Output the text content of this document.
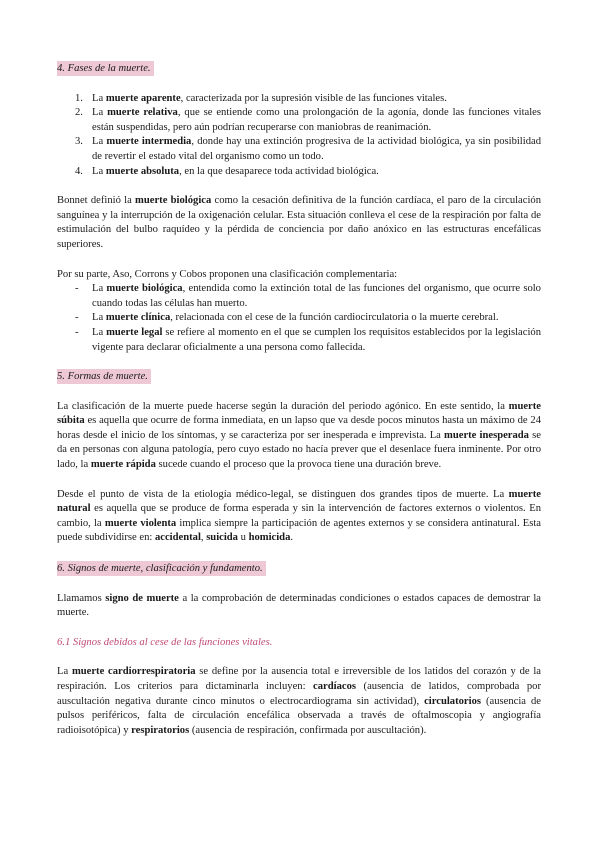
4. Fases de la muerte.
1. La muerte aparente, caracterizada por la supresión visible de las funciones vitales.
2. La muerte relativa, que se entiende como una prolongación de la agonía, donde las funciones vitales están suspendidas, pero aún podrían recuperarse con maniobras de reanimación.
3. La muerte intermedia, donde hay una extinción progresiva de la actividad biológica, ya sin posibilidad de revertir el estado vital del organismo como un todo.
4. La muerte absoluta, en la que desaparece toda actividad biológica.

Bonnet definió la muerte biológica como la cesación definitiva de la función cardíaca, el paro de la circulación sanguínea y la interrupción de la oxigenación celular. Esta situación conlleva el cese de la respiración por falta de estimulación del bulbo raquídeo y la pérdida de conciencia por daño anóxico en las estructuras encefálicas superiores.

Por su parte, Aso, Corrons y Cobos proponen una clasificación complementaria:

- La muerte biológica, entendida como la extinción total de las funciones del organismo, que ocurre solo cuando todas las células han muerto.
- La muerte clínica, relacionada con el cese de la función cardiocirculatoria o la muerte cerebral.
- La muerte legal se refiere al momento en el que se cumplen los requisitos establecidos por la legislación vigente para declarar oficialmente a una persona como fallecida.
5. Formas de muerte.

La clasificación de la muerte puede hacerse según la duración del periodo agónico. En este sentido, la muerte súbita es aquella que ocurre de forma inmediata, en un lapso que va desde pocos minutos hasta un máximo de 24 horas desde el inicio de los síntomas, y se caracteriza por ser inesperada e imprevista. La muerte inesperada se da en personas con alguna patología, pero cuyo estado no hacía prever que el desenlace fuera inminente. Por otro lado, la muerte rápida sucede cuando el proceso que la provoca tiene una duración breve.

Desde el punto de vista de la etiología médico-legal, se distinguen dos grandes tipos de muerte. La muerte natural es aquella que se produce de forma esperada y sin la intervención de factores externos o violentos. En cambio, la muerte violenta implica siempre la participación de agentes externos y se considera antinatural. Esta puede subdividirse en: accidental, suicida u homicida.

6. Signos de muerte, clasificación y fundamento.

Llamamos signo de muerte a la comprobación de determinadas condiciones o estados capaces de demostrar la muerte.

6.1 Signos debidos al cese de las funciones vitales.

La muerte cardiorrespiratoria se define por la ausencia total e irreversible de los latidos del corazón y de la respiración. Los criterios para dictaminarla incluyen: cardíacos (ausencia de latidos, comprobada por auscultación negativa durante cinco minutos o electrocardiograma sin actividad), circulatorios (ausencia de pulsos periféricos, falta de circulación encefálica observada a través de oftalmoscopia y angiografía radioisotópica) y respiratorios (ausencia de respiración, confirmada por auscultación).
